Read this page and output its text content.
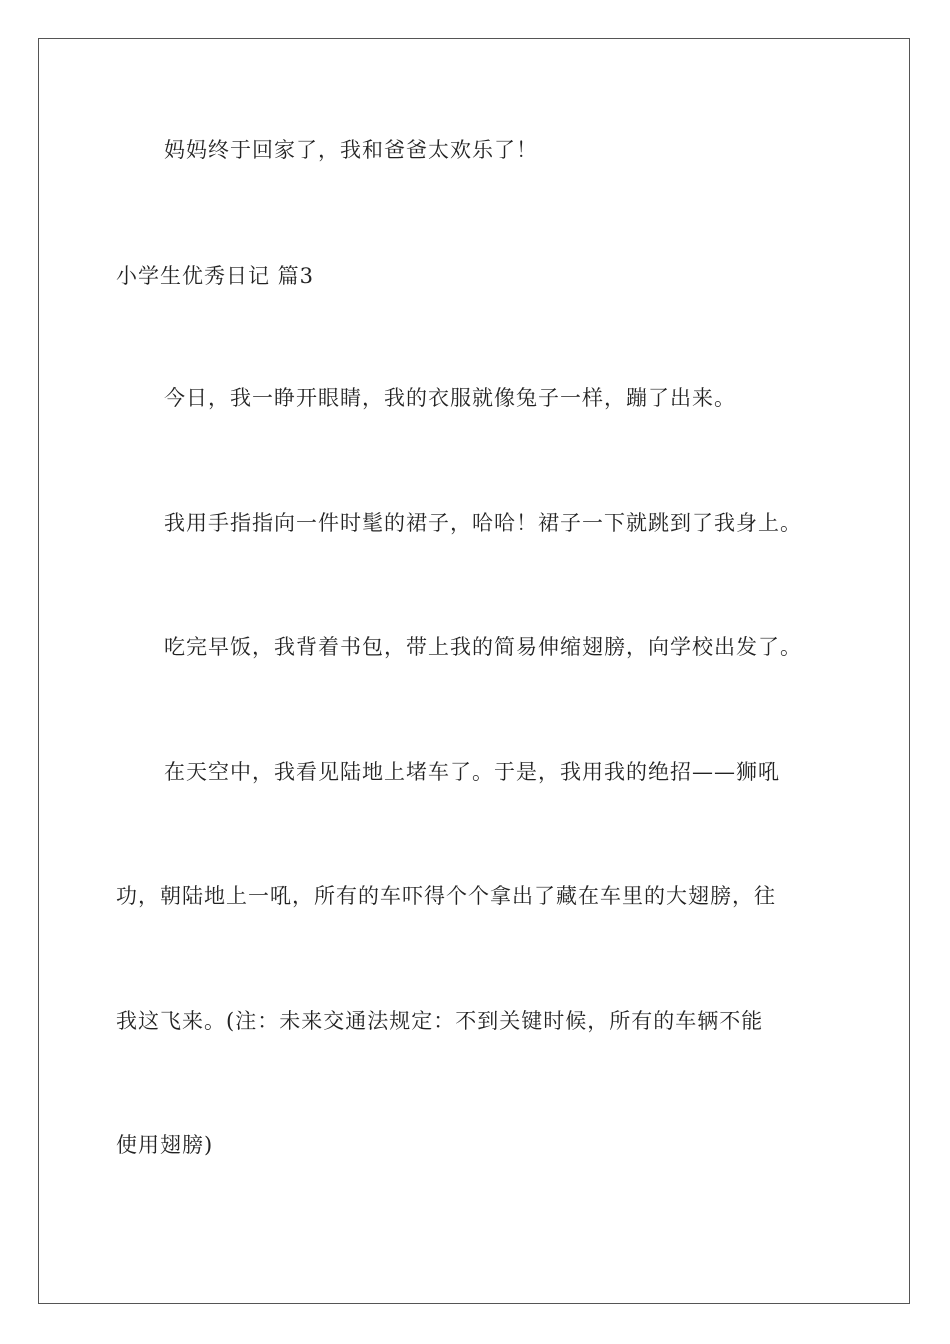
妈妈终于回家了，我和爸爸太欢乐了！
小学生优秀日记 篇3
今日，我一睁开眼睛，我的衣服就像兔子一样，蹦了出来。
我用手指指向一件时髦的裙子，哈哈！裙子一下就跳到了我身上。
吃完早饭，我背着书包，带上我的简易伸缩翅膀，向学校出发了。
在天空中，我看见陆地上堵车了。于是，我用我的绝招——狮吼
功，朝陆地上一吼，所有的车吓得个个拿出了藏在车里的大翅膀，往
我这飞来。(注：未来交通法规定：不到关键时候，所有的车辆不能
使用翅膀)
